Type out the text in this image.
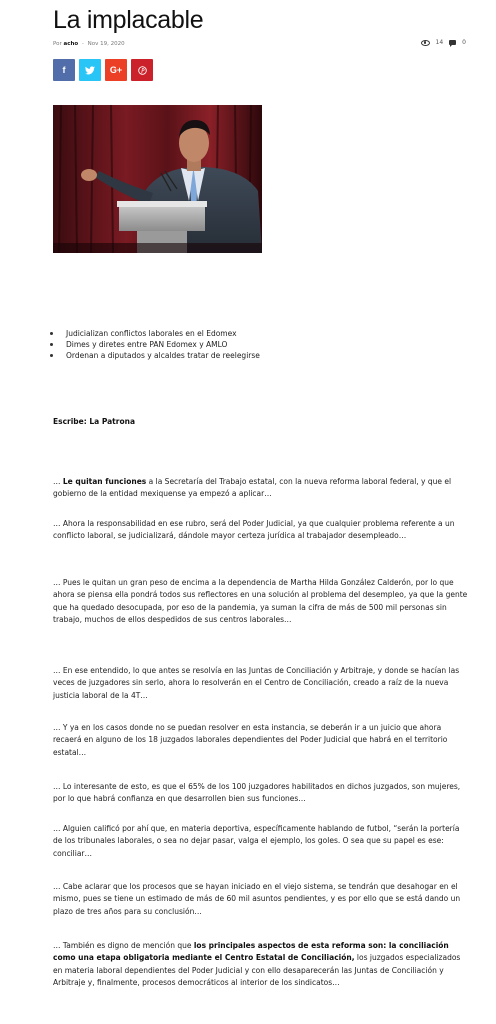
La implacable
Por acho - Nov 19, 2020	14	0
f	G+
Judicializan conflictos laborales en el Edomex
Dimes y diretes entre PAN Edomex y AMLO
Ordenan a diputados y alcaldes tratar de reelegirse
Escribe: La Patrona

… Le quitan funciones a la Secretaría del Trabajo estatal, con la nueva reforma laboral federal, y que el gobierno de la entidad mexiquense ya empezó a aplicar…

… Ahora la responsabilidad en ese rubro, será del Poder Judicial, ya que cualquier problema referente a un conflicto laboral, se judicializará, dándole mayor certeza jurídica al trabajador desempleado…

… Pues le quitan un gran peso de encima a la dependencia de Martha Hilda González Calderón, por lo que ahora se piensa ella pondrá todos sus reflectores en una solución al problema del desempleo, ya que la gente que ha quedado desocupada, por eso de la pandemia, ya suman la cifra de más de 500 mil personas sin trabajo, muchos de ellos despedidos de sus centros laborales…

… En ese entendido, lo que antes se resolvía en las Juntas de Conciliación y Arbitraje, y donde se hacían las veces de juzgadores sin serlo, ahora lo resolverán en el Centro de Conciliación, creado a raíz de la nueva justicia laboral de la 4T…

… Y ya en los casos donde no se puedan resolver en esta instancia, se deberán ir a un juicio que ahora recaerá en alguno de los 18 juzgados laborales dependientes del Poder Judicial que habrá en el territorio estatal…

… Lo interesante de esto, es que el 65% de los 100 juzgadores habilitados en dichos juzgados, son mujeres, por lo que habrá confianza en que desarrollen bien sus funciones…

… Alguien calificó por ahí que, en materia deportiva, específicamente hablando de futbol, “serán la portería de los tribunales laborales, o sea no dejar pasar, valga el ejemplo, los goles. O sea que su papel es ese: conciliar…

… Cabe aclarar que los procesos que se hayan iniciado en el viejo sistema, se tendrán que desahogar en el mismo, pues se tiene un estimado de más de 60 mil asuntos pendientes, y es por ello que se está dando un plazo de tres años para su conclusión…

… También es digno de mención que los principales aspectos de esta reforma son: la conciliación como una etapa obligatoria mediante el Centro Estatal de Conciliación, los juzgados especializados en materia laboral dependientes del Poder Judicial y con ello desaparecerán las Juntas de Conciliación y Arbitraje y, finalmente, procesos democráticos al interior de los sindicatos…
